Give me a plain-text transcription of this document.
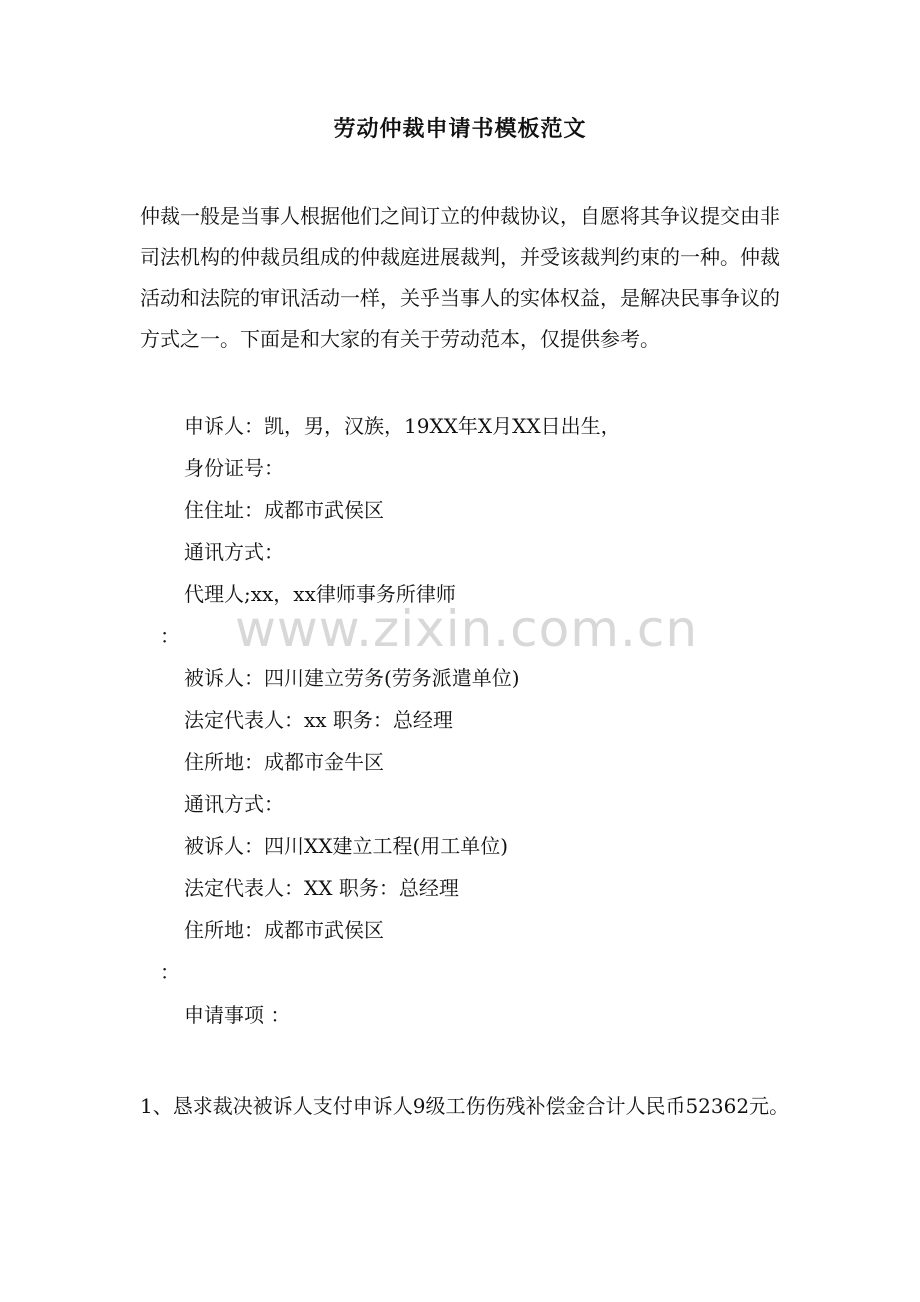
劳动仲裁申请书模板范文
仲裁一般是当事人根据他们之间订立的仲裁协议，自愿将其争议提交由非司法机构的仲裁员组成的仲裁庭进展裁判，并受该裁判约束的一种。仲裁活动和法院的审讯活动一样，关乎当事人的实体权益，是解决民事争议的方式之一。下面是和大家的有关于劳动范本，仅提供参考。
申诉人：凯，男，汉族，19XX年X月XX日出生，
身份证号：
住住址：成都市武侯区
通讯方式：
代理人;xx，xx律师事务所律师
：
被诉人：四川建立劳务(劳务派遣单位)
法定代表人：xx 职务：总经理
住所地：成都市金牛区
通讯方式：
被诉人：四川XX建立工程(用工单位)
法定代表人：XX 职务：总经理
住所地：成都市武侯区
：
申请事项 ：
1、恳求裁决被诉人支付申诉人9级工伤伤残补偿金合计人民币52362元。
www.zixin.com.cn
